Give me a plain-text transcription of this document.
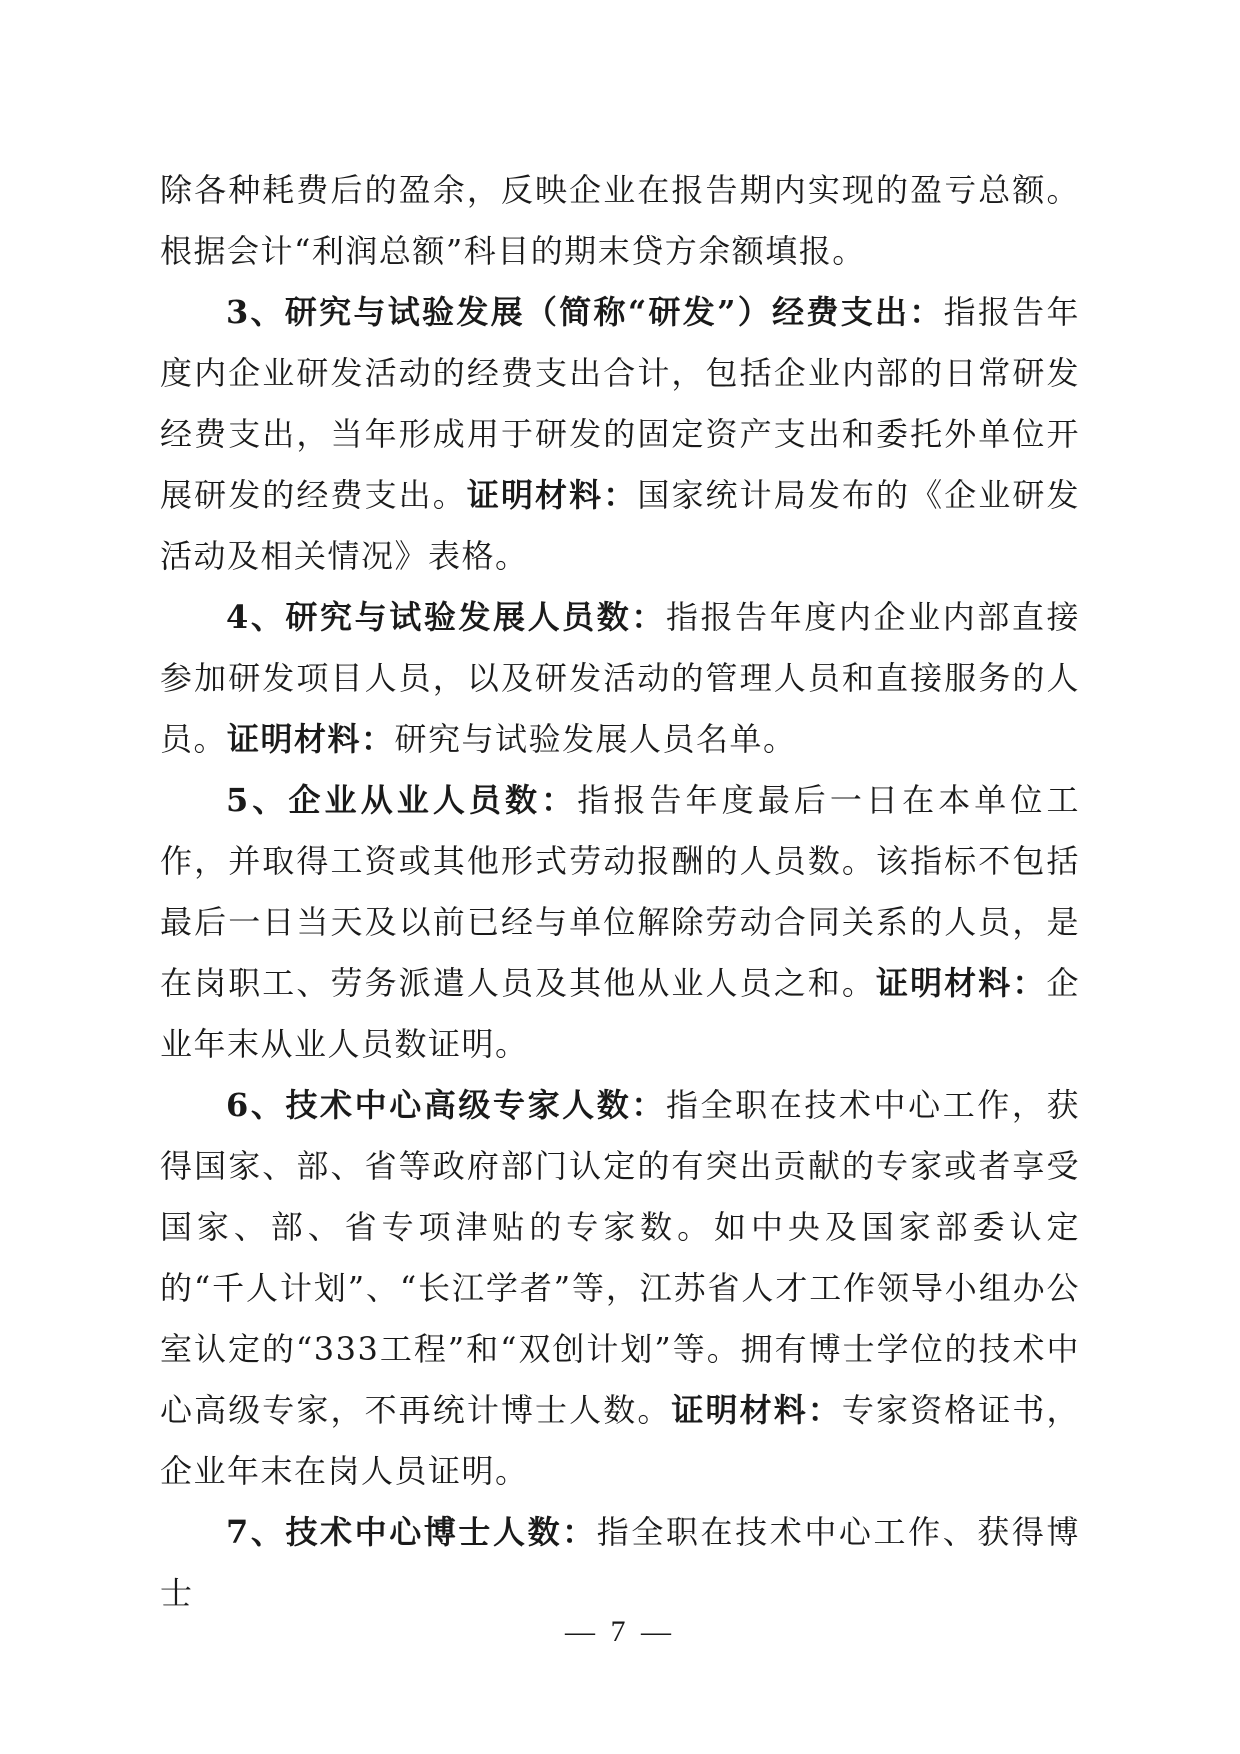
除各种耗费后的盈余，反映企业在报告期内实现的盈亏总额。根据会计“利润总额”科目的期末贷方余额填报。

3、研究与试验发展（简称“研发”）经费支出：指报告年度内企业研发活动的经费支出合计，包括企业内部的日常研发经费支出，当年形成用于研发的固定资产支出和委托外单位开展研发的经费支出。证明材料：国家统计局发布的《企业研发活动及相关情况》表格。

4、研究与试验发展人员数：指报告年度内企业内部直接参加研发项目人员，以及研发活动的管理人员和直接服务的人员。证明材料：研究与试验发展人员名单。

5、企业从业人员数：指报告年度最后一日在本单位工作，并取得工资或其他形式劳动报酬的人员数。该指标不包括最后一日当天及以前已经与单位解除劳动合同关系的人员，是在岗职工、劳务派遣人员及其他从业人员之和。证明材料：企业年末从业人员数证明。

6、技术中心高级专家人数：指全职在技术中心工作，获得国家、部、省等政府部门认定的有突出贡献的专家或者享受国家、部、省专项津贴的专家数。如中央及国家部委认定的“千人计划”、“长江学者”等，江苏省人才工作领导小组办公室认定的“333工程”和“双创计划”等。拥有博士学位的技术中心高级专家，不再统计博士人数。证明材料：专家资格证书，企业年末在岗人员证明。

7、技术中心博士人数：指全职在技术中心工作、获得博士

— 7 —
